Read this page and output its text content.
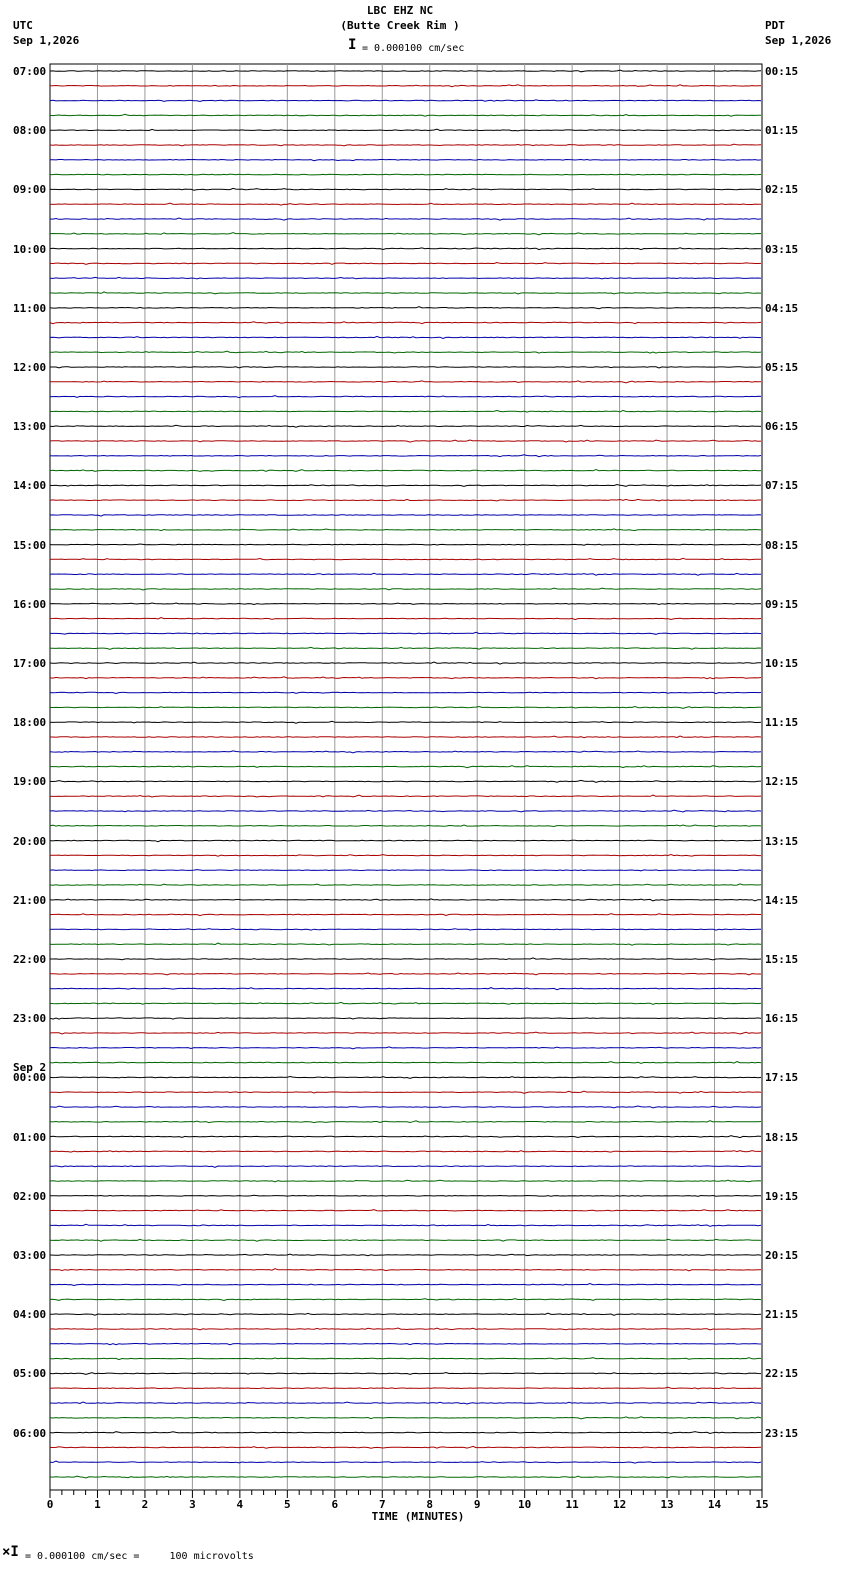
LBC EHZ NC
(Butte Creek Rim )
I = 0.000100 cm/sec
UTC
Sep 1,2026
PDT
Sep 1,2026
Sep 2
07:00
08:00
09:00
10:00
11:00
12:00
13:00
14:00
15:00
16:00
17:00
18:00
19:00
20:00
21:00
22:00
23:00
00:00
01:00
02:00
03:00
04:00
05:00
06:00
00:15
01:15
02:15
03:15
04:15
05:15
06:15
07:15
08:15
09:15
10:15
11:15
12:15
13:15
14:15
15:15
16:15
17:15
18:15
19:15
20:15
21:15
22:15
23:15
0	1	2	3	4	5	6	7	8	9	10	11	12	13	14	15
TIME (MINUTES)
×I = 0.000100 cm/sec =     100 microvolts
